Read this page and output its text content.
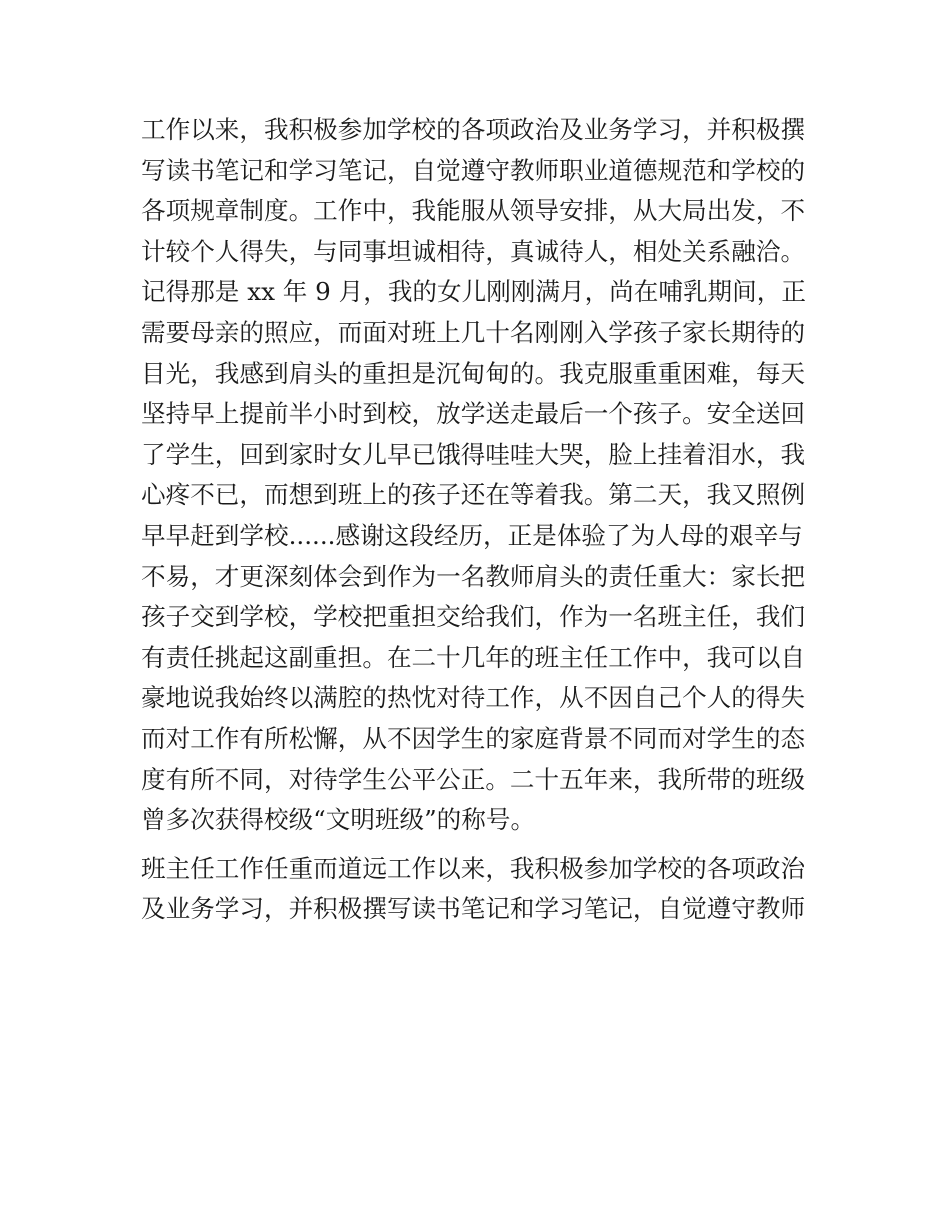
工作以来，我积极参加学校的各项政治及业务学习，并积极撰
写读书笔记和学习笔记，自觉遵守教师职业道德规范和学校的
各项规章制度。工作中，我能服从领导安排，从大局出发，不
计较个人得失，与同事坦诚相待，真诚待人，相处关系融洽。
记得那是 xx 年 9 月，我的女儿刚刚满月，尚在哺乳期间，正
需要母亲的照应，而面对班上几十名刚刚入学孩子家长期待的
目光，我感到肩头的重担是沉甸甸的。我克服重重困难，每天
坚持早上提前半小时到校，放学送走最后一个孩子。安全送回
了学生，回到家时女儿早已饿得哇哇大哭，脸上挂着泪水，我
心疼不已，而想到班上的孩子还在等着我。第二天，我又照例
早早赶到学校......感谢这段经历，正是体验了为人母的艰辛与
不易，才更深刻体会到作为一名教师肩头的责任重大：家长把
孩子交到学校，学校把重担交给我们，作为一名班主任，我们
有责任挑起这副重担。在二十几年的班主任工作中，我可以自
豪地说我始终以满腔的热忱对待工作，从不因自己个人的得失
而对工作有所松懈，从不因学生的家庭背景不同而对学生的态
度有所不同，对待学生公平公正。二十五年来，我所带的班级
曾多次获得校级“文明班级”的称号。
班主任工作任重而道远工作以来，我积极参加学校的各项政治
及业务学习，并积极撰写读书笔记和学习笔记，自觉遵守教师
